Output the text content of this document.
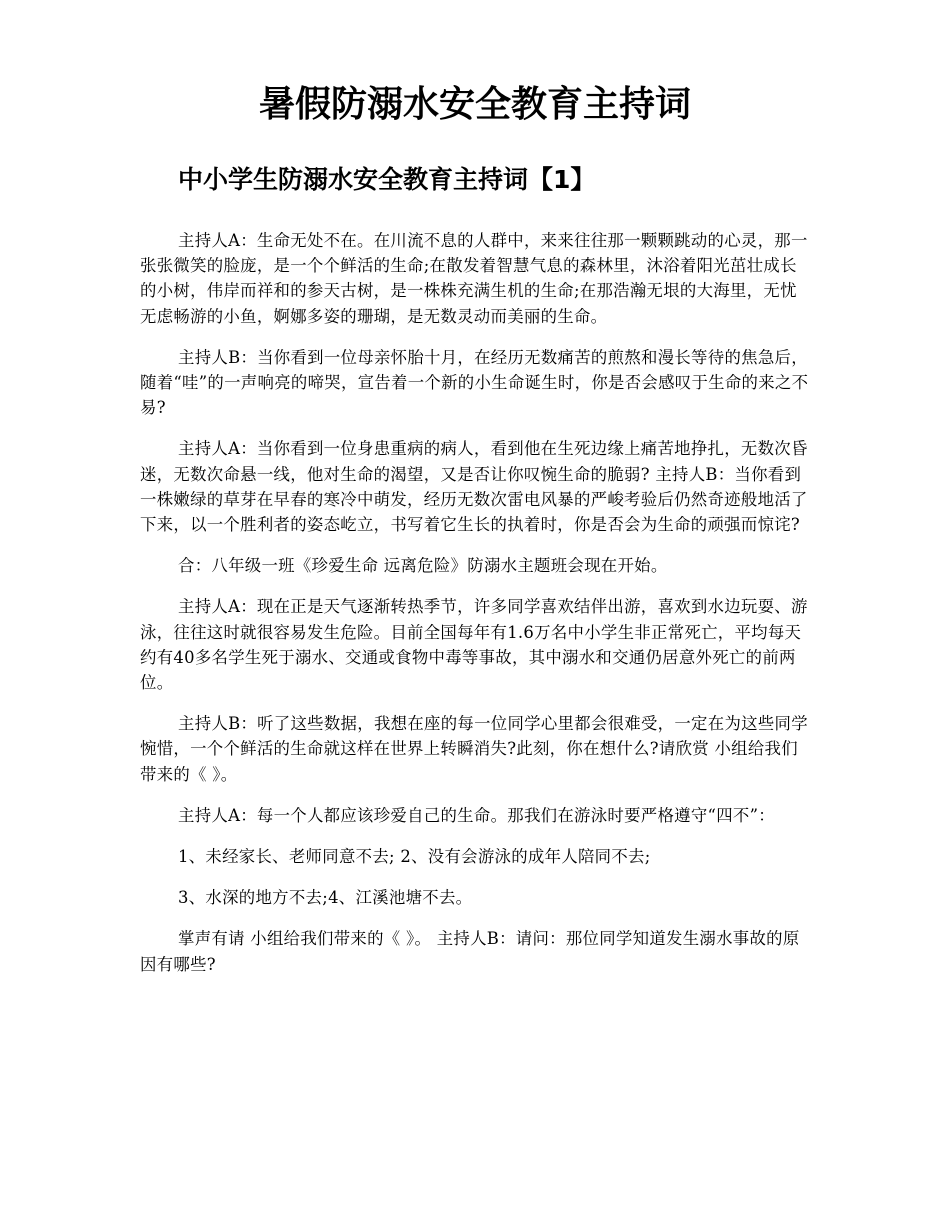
暑假防溺水安全教育主持词
中小学生防溺水安全教育主持词【1】

主持人A：生命无处不在。在川流不息的人群中，来来往往那一颗颗跳动的心灵，那一张张微笑的脸庞，是一个个鲜活的生命;在散发着智慧气息的森林里，沐浴着阳光茁壮成长的小树，伟岸而祥和的参天古树，是一株株充满生机的生命;在那浩瀚无垠的大海里，无忧无虑畅游的小鱼，婀娜多姿的珊瑚，是无数灵动而美丽的生命。

主持人B：当你看到一位母亲怀胎十月，在经历无数痛苦的煎熬和漫长等待的焦急后，随着“哇”的一声响亮的啼哭，宣告着一个新的小生命诞生时，你是否会感叹于生命的来之不易?

主持人A：当你看到一位身患重病的病人，看到他在生死边缘上痛苦地挣扎，无数次昏迷，无数次命悬一线，他对生命的渴望，又是否让你叹惋生命的脆弱? 主持人B：当你看到一株嫩绿的草芽在早春的寒冷中萌发，经历无数次雷电风暴的严峻考验后仍然奇迹般地活了下来，以一个胜利者的姿态屹立，书写着它生长的执着时，你是否会为生命的顽强而惊诧?

合：八年级一班《珍爱生命 远离危险》防溺水主题班会现在开始。

主持人A：现在正是天气逐渐转热季节，许多同学喜欢结伴出游，喜欢到水边玩耍、游泳，往往这时就很容易发生危险。目前全国每年有1.6万名中小学生非正常死亡，平均每天约有40多名学生死于溺水、交通或食物中毒等事故，其中溺水和交通仍居意外死亡的前两位。

主持人B：听了这些数据，我想在座的每一位同学心里都会很难受，一定在为这些同学惋惜，一个个鲜活的生命就这样在世界上转瞬消失?此刻，你在想什么?请欣赏 小组给我们带来的《 》。

主持人A：每一个人都应该珍爱自己的生命。那我们在游泳时要严格遵守“四不”：

1、未经家长、老师同意不去; 2、没有会游泳的成年人陪同不去;

3、水深的地方不去;4、江溪池塘不去。

掌声有请 小组给我们带来的《 》。 主持人B：请问：那位同学知道发生溺水事故的原因有哪些?
